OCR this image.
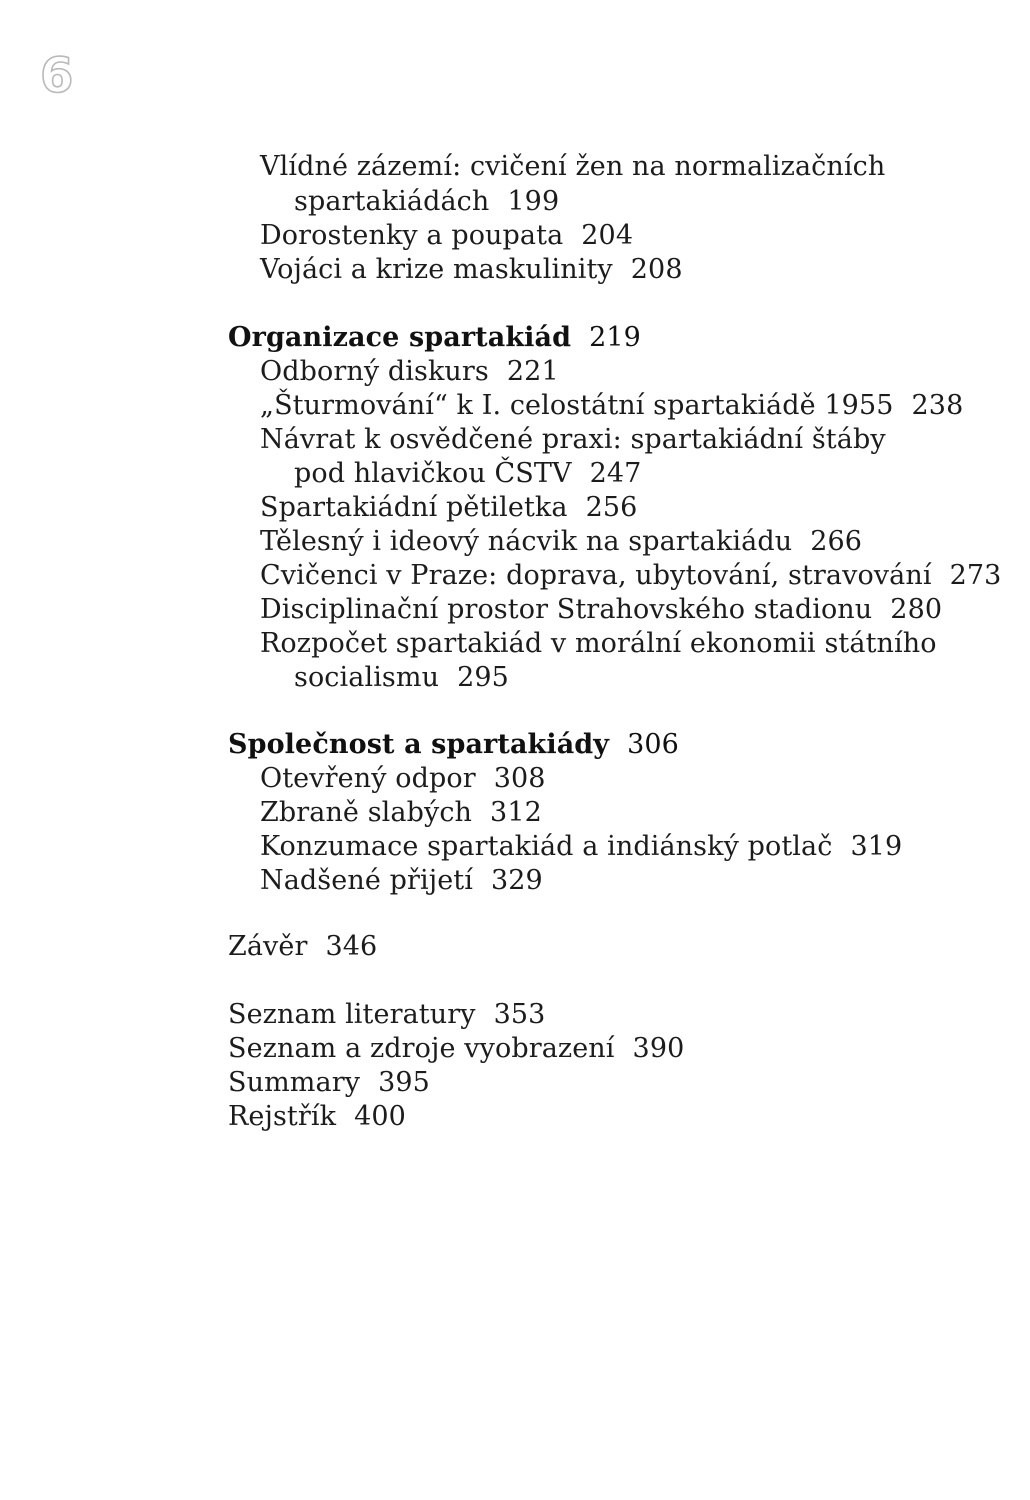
6
Vlídné zázemí: cvičení žen na normalizačních
spartakiádách 199
Dorostenky a poupata 204
Vojáci a krize maskulinity 208
Organizace spartakiád 219
Odborný diskurs 221
„Šturmování“ k I. celostátní spartakiádě 1955 238
Návrat k osvědčené praxi: spartakiádní štáby
pod hlavičkou ČSTV 247
Spartakiádní pětiletka 256
Tělesný i ideový nácvik na spartakiádu 266
Cvičenci v Praze: doprava, ubytování, stravování 273
Disciplinační prostor Strahovského stadionu 280
Rozpočet spartakiád v morální ekonomii státního
socialismu 295
Společnost a spartakiády 306
Otevřený odpor 308
Zbraně slabých 312
Konzumace spartakiád a indiánský potlač 319
Nadšené přijetí 329
Závěr 346
Seznam literatury 353
Seznam a zdroje vyobrazení 390
Summary 395
Rejstřík 400
